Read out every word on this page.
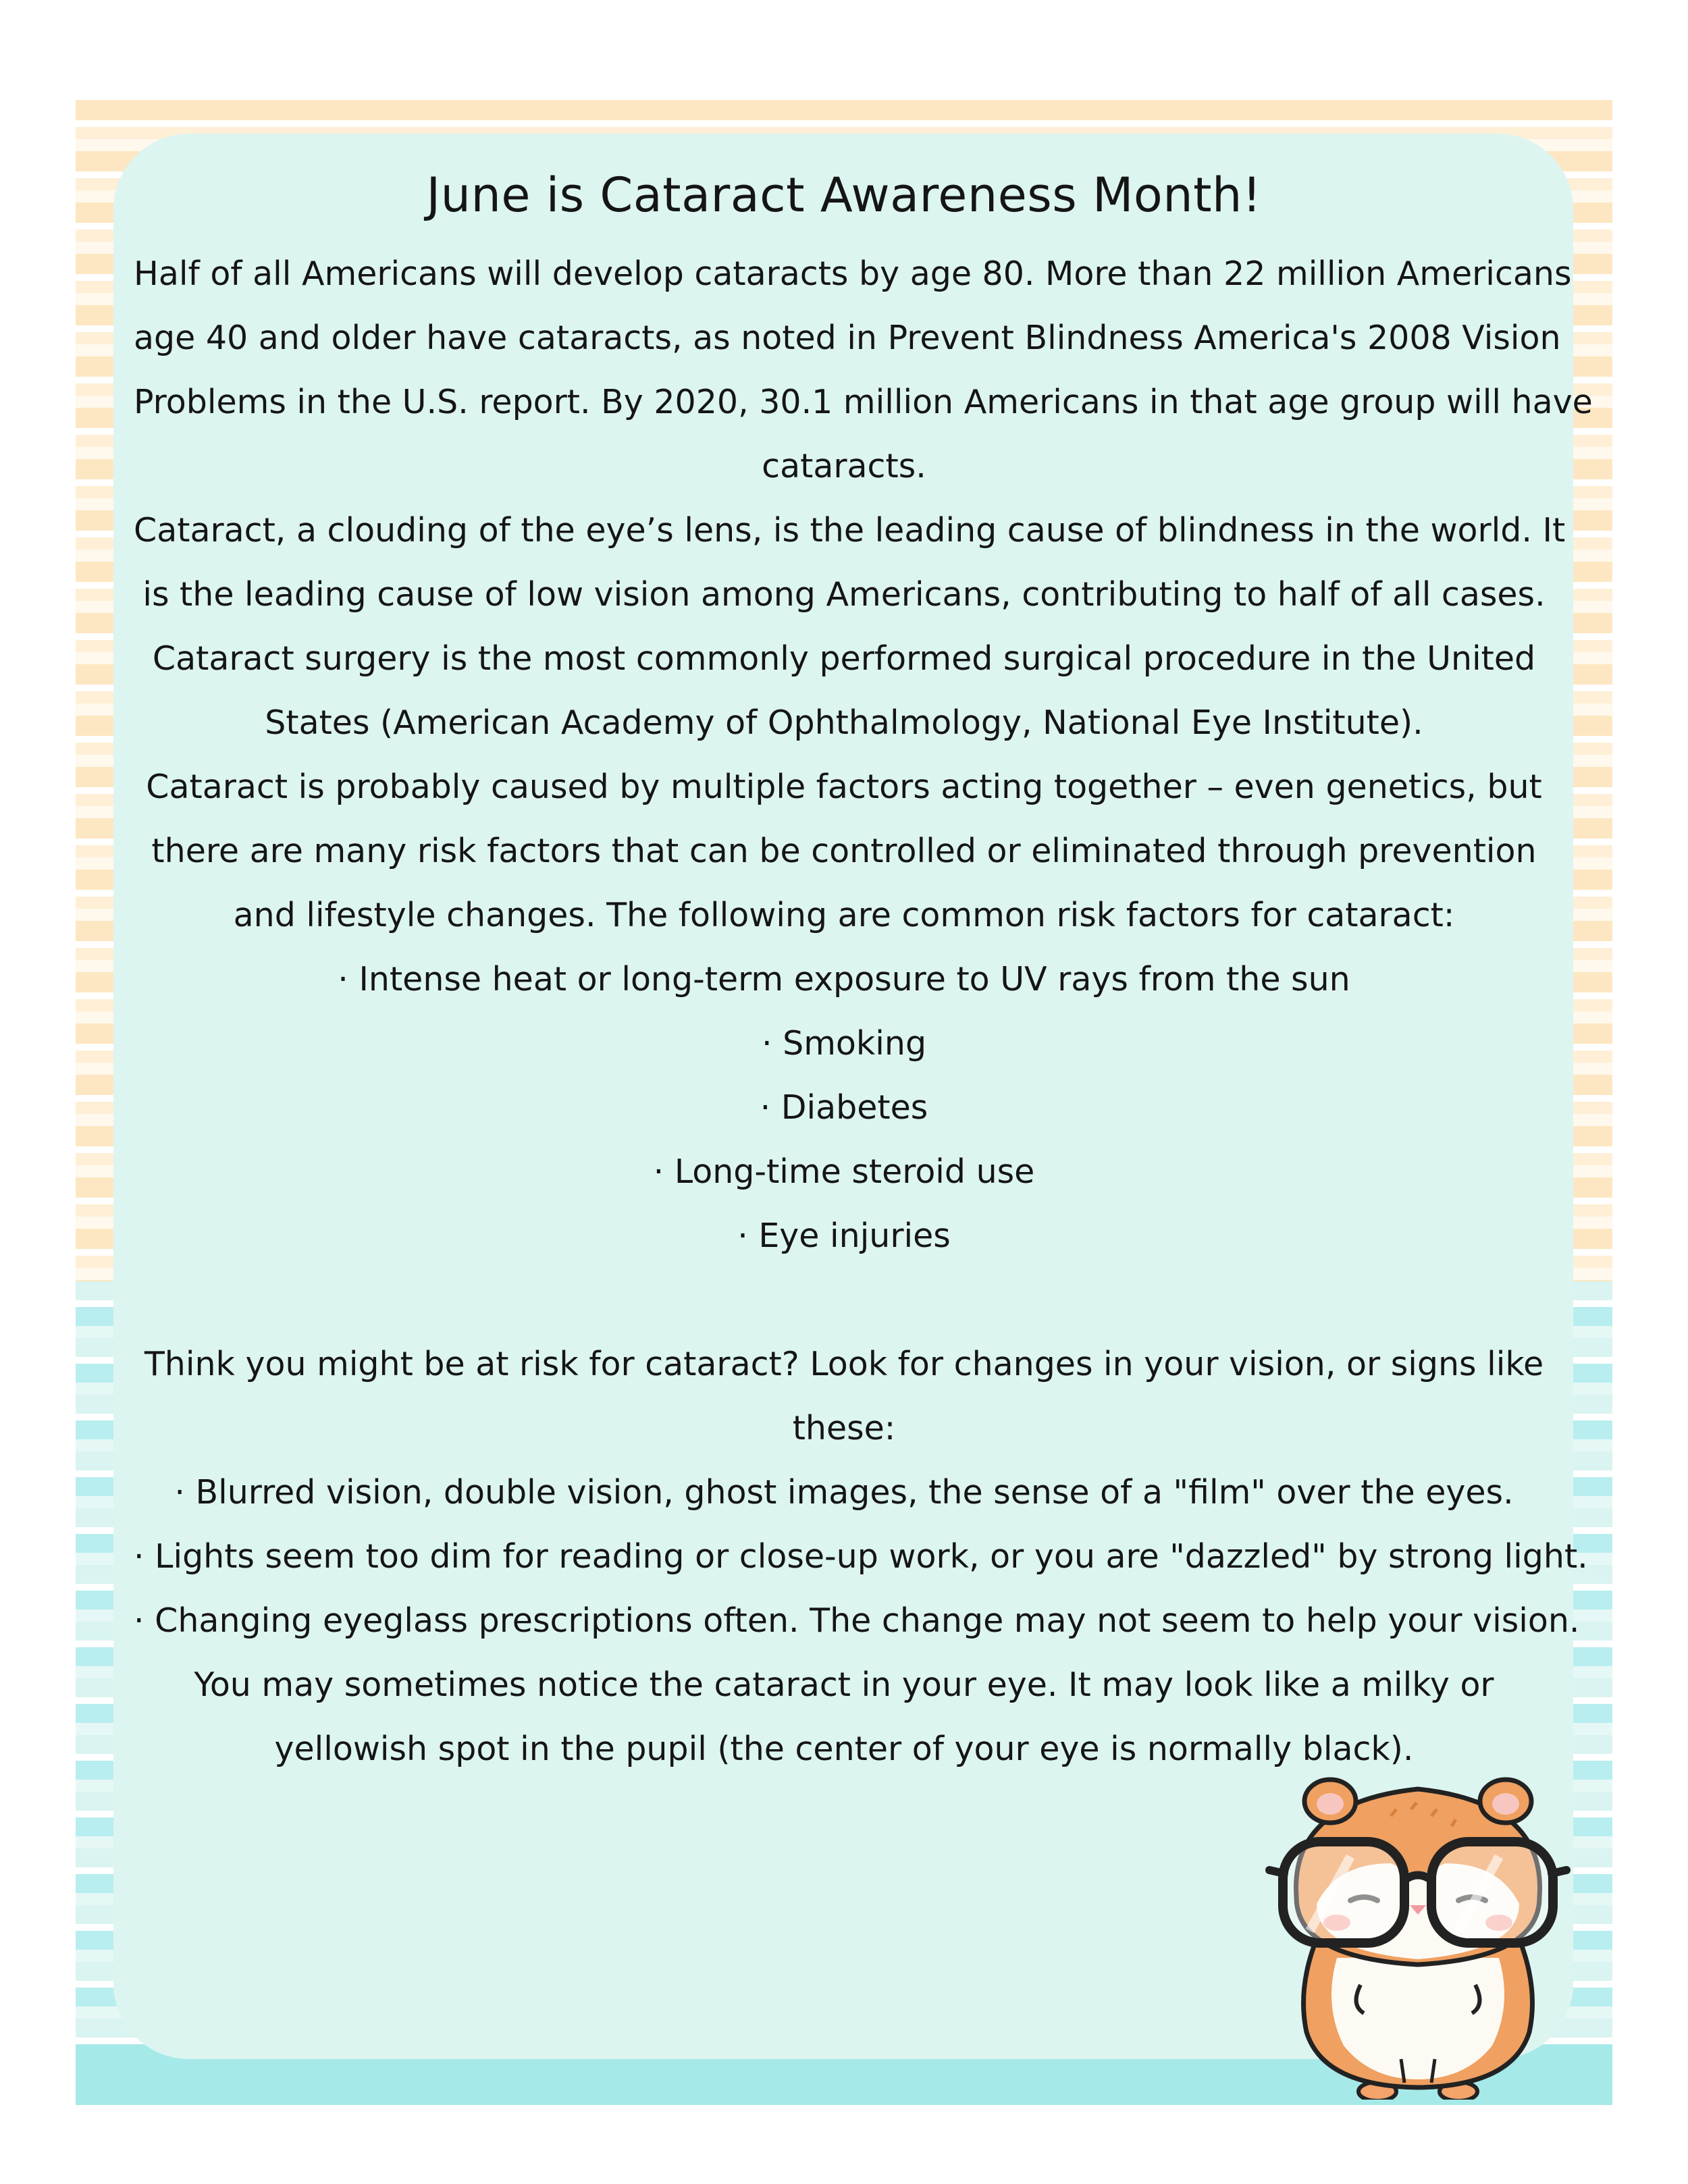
June is Cataract Awareness Month!
Half of all Americans will develop cataracts by age 80. More than 22 million Americans
age 40 and older have cataracts, as noted in Prevent Blindness America's 2008 Vision
Problems in the U.S. report. By 2020, 30.1 million Americans in that age group will have
cataracts.
Cataract, a clouding of the eye’s lens, is the leading cause of blindness in the world. It
is the leading cause of low vision among Americans, contributing to half of all cases.
Cataract surgery is the most commonly performed surgical procedure in the United
States (American Academy of Ophthalmology, National Eye Institute).
Cataract is probably caused by multiple factors acting together – even genetics, but
there are many risk factors that can be controlled or eliminated through prevention
and lifestyle changes. The following are common risk factors for cataract:
· Intense heat or long-term exposure to UV rays from the sun
· Smoking
· Diabetes
· Long-time steroid use
· Eye injuries
Think you might be at risk for cataract? Look for changes in your vision, or signs like
these:
· Blurred vision, double vision, ghost images, the sense of a "film" over the eyes.
· Lights seem too dim for reading or close-up work, or you are "dazzled" by strong light.
· Changing eyeglass prescriptions often. The change may not seem to help your vision.
You may sometimes notice the cataract in your eye. It may look like a milky or
yellowish spot in the pupil (the center of your eye is normally black).
